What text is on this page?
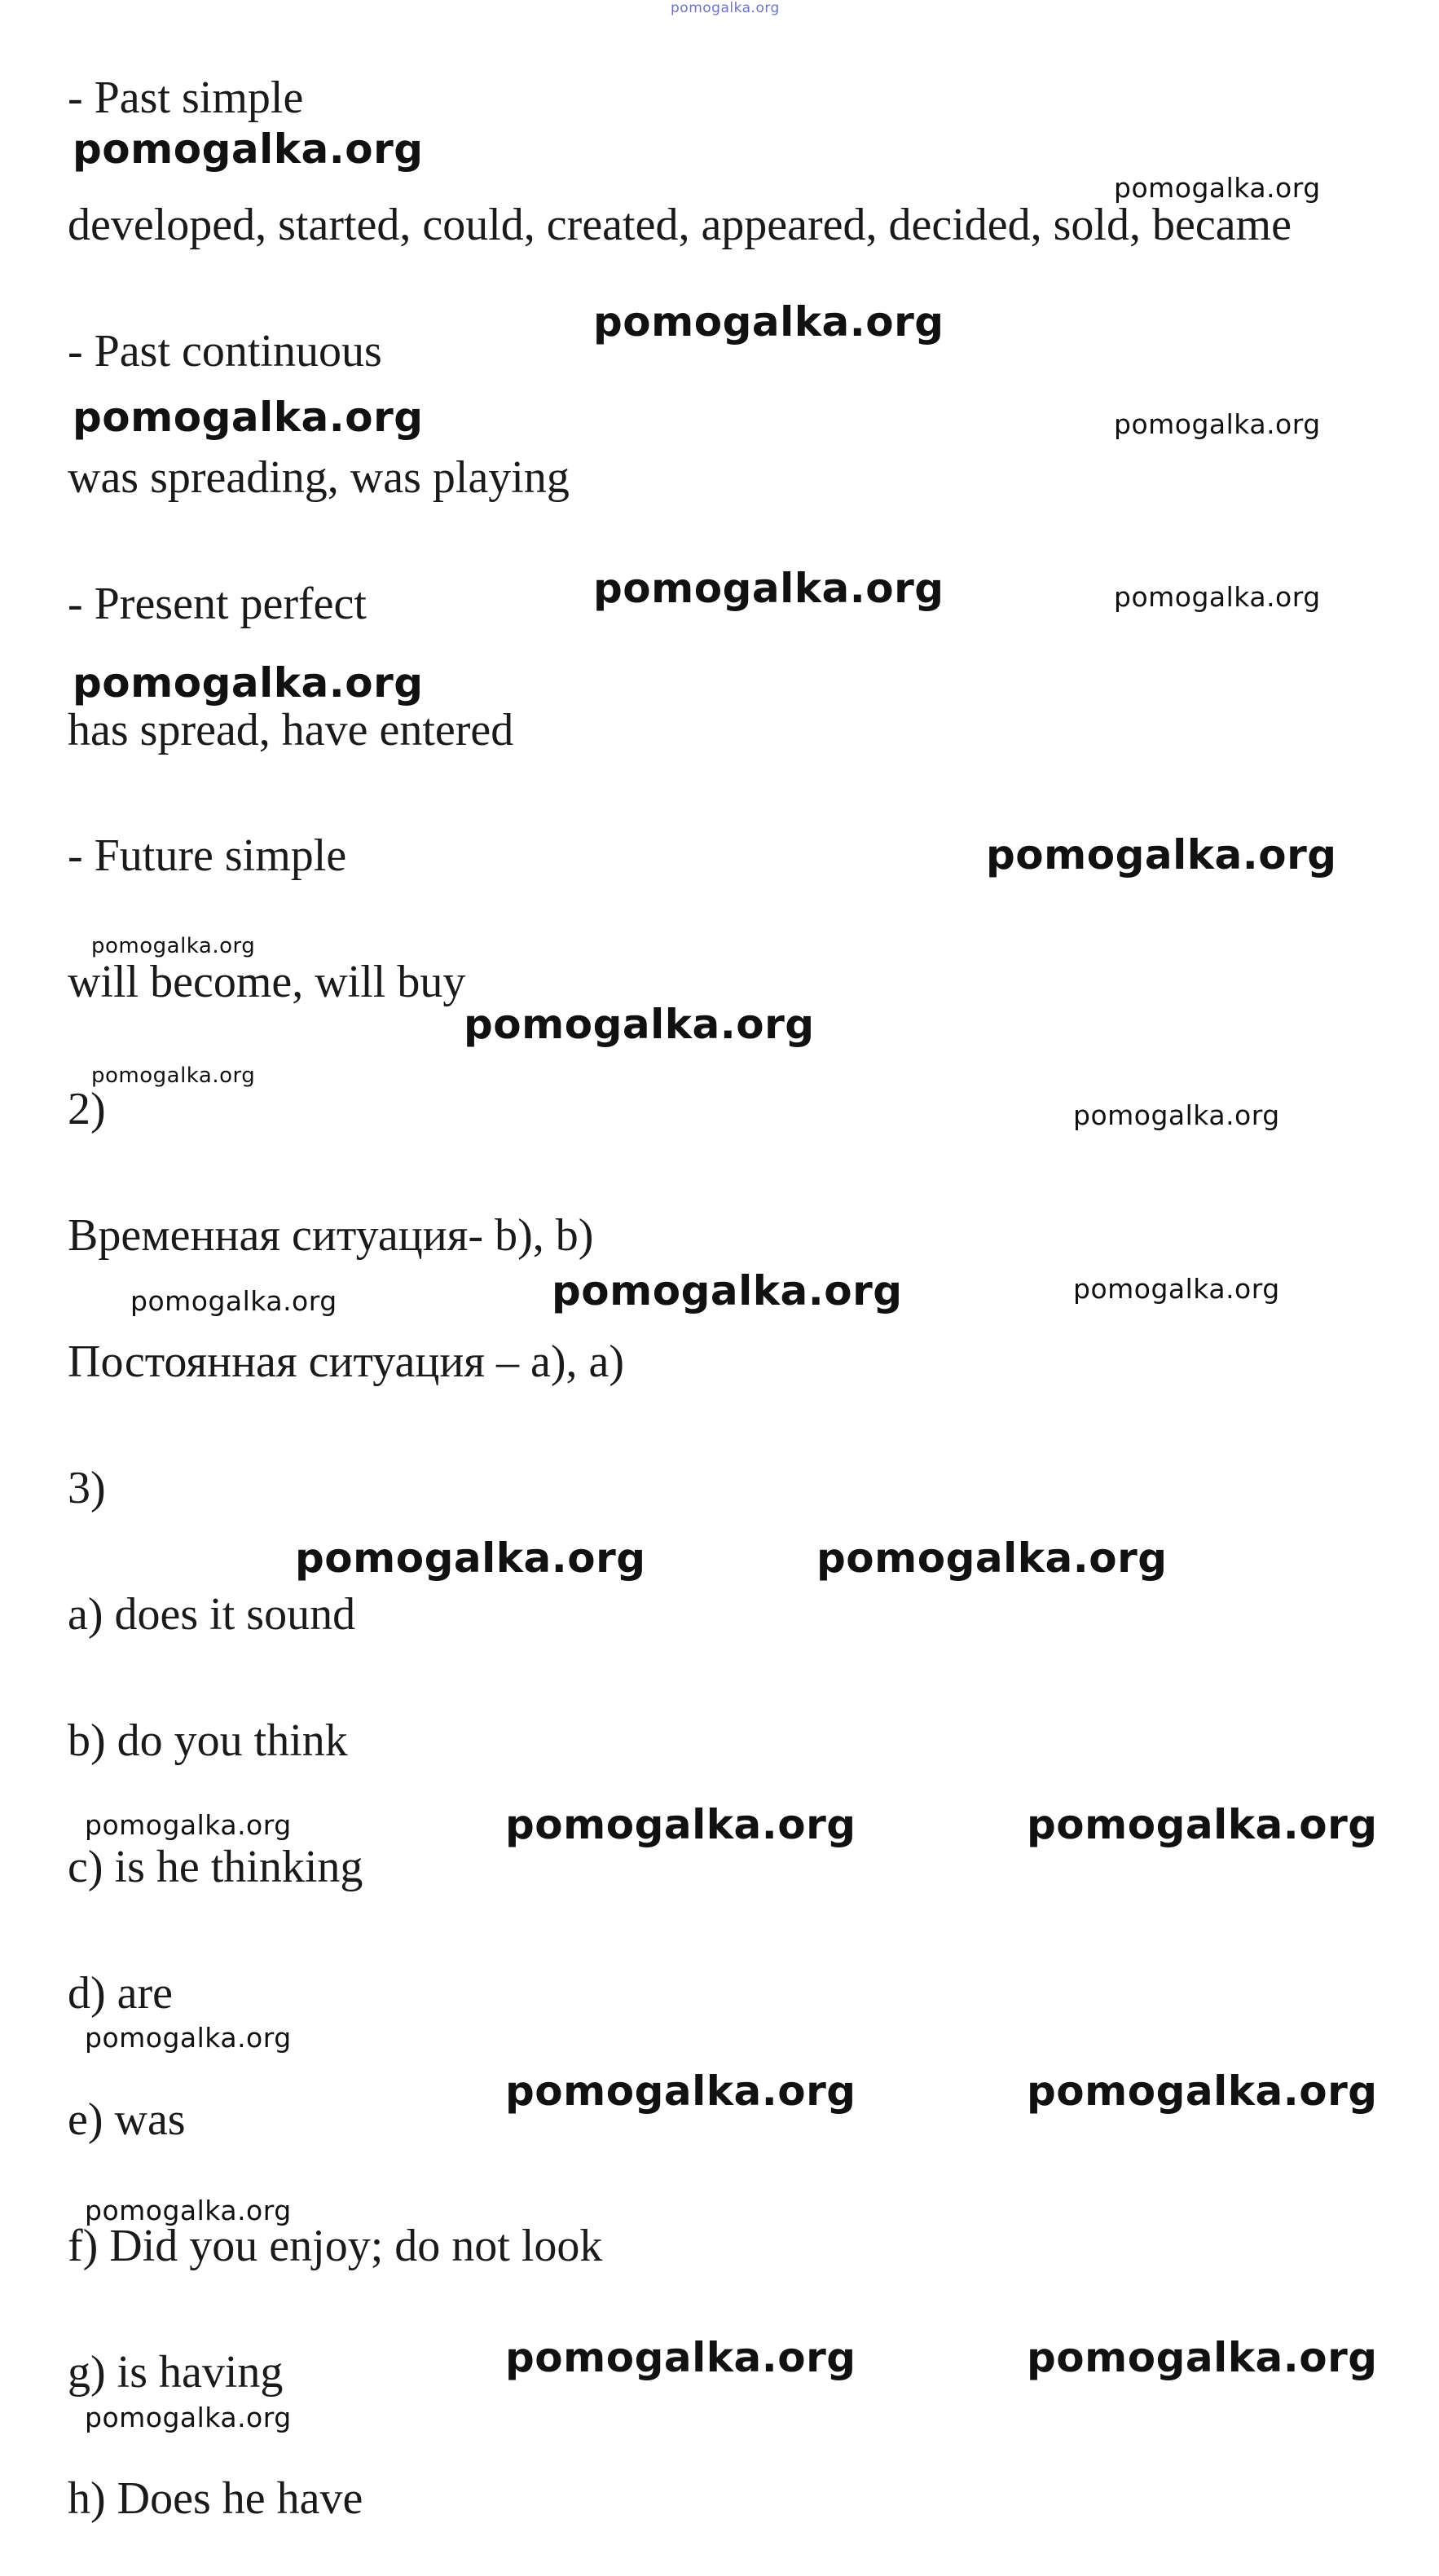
pomogalka.org

- Past simple

pomogalka.org
pomogalka.org

developed, started, could, created, appeared, decided, sold, became

pomogalka.org

- Past continuous

pomogalka.org	pomogalka.org

was spreading, was playing

pomogalka.org	pomogalka.org

- Present perfect

pomogalka.org

has spread, have entered

- Future simple	pomogalka.org
pomogalka.org

will become, will buy

pomogalka.org
pomogalka.org

2)	pomogalka.org

Временная ситуация- b), b)

pomogalka.org	pomogalka.org	pomogalka.org

Постоянная ситуация – a), a)

3)

pomogalka.org	pomogalka.org

a) does it sound

b) do you think

pomogalka.org	pomogalka.org	pomogalka.org

c) is he thinking

d) are

pomogalka.org
pomogalka.org	pomogalka.org

e) was

pomogalka.org

f) Did you enjoy; do not look

pomogalka.org	pomogalka.org

g) is having

pomogalka.org

h) Does he have
